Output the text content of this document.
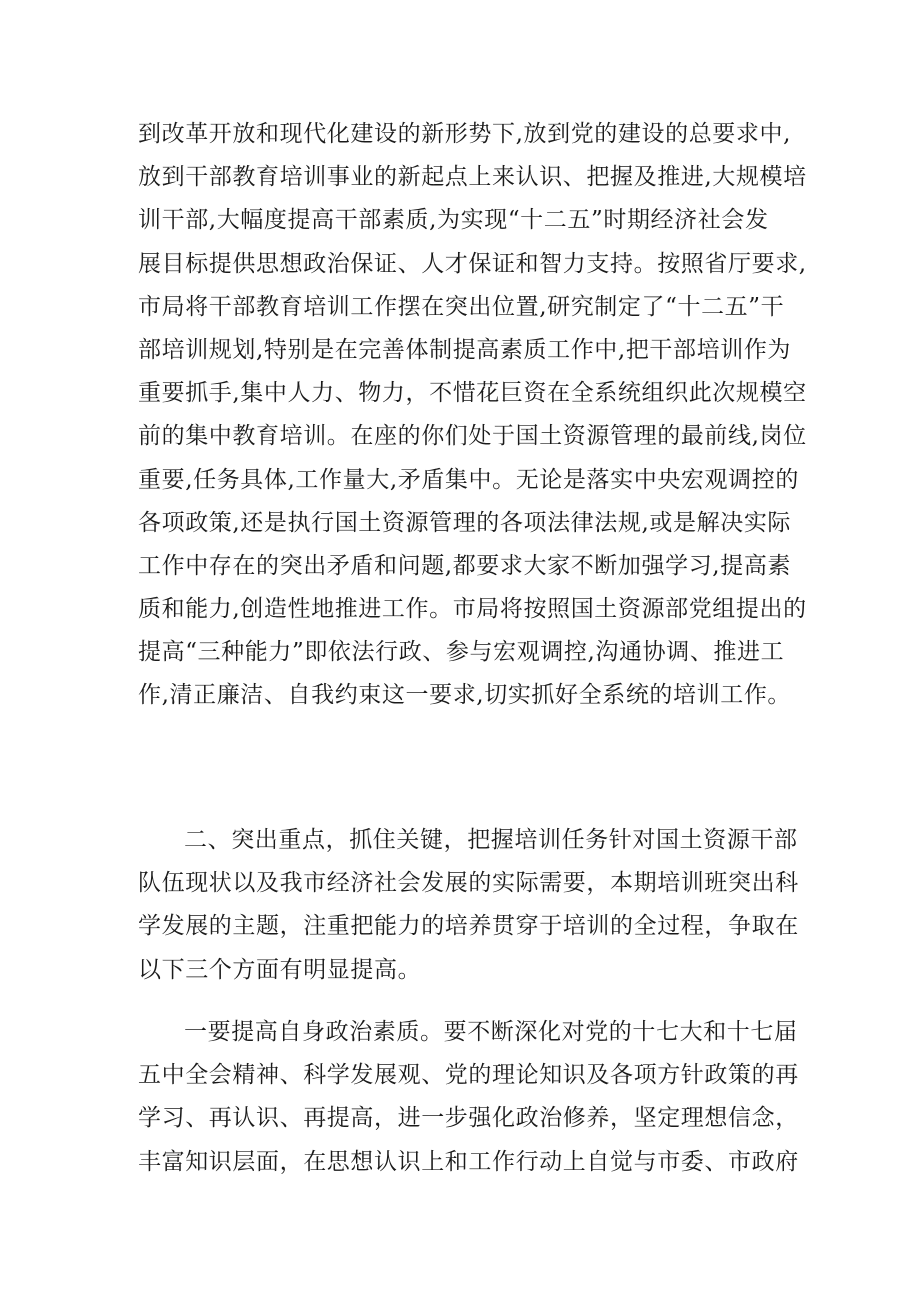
到改革开放和现代化建设的新形势下,放到党的建设的总要求中,
放到干部教育培训事业的新起点上来认识、把握及推进,大规模培
训干部,大幅度提高干部素质,为实现“十二五”时期经济社会发
展目标提供思想政治保证、人才保证和智力支持。按照省厅要求,
市局将干部教育培训工作摆在突出位置,研究制定了“十二五”干
部培训规划,特别是在完善体制提高素质工作中,把干部培训作为
重要抓手,集中人力、物力，不惜花巨资在全系统组织此次规模空
前的集中教育培训。在座的你们处于国土资源管理的最前线,岗位
重要,任务具体,工作量大,矛盾集中。无论是落实中央宏观调控的
各项政策,还是执行国土资源管理的各项法律法规,或是解决实际
工作中存在的突出矛盾和问题,都要求大家不断加强学习,提高素
质和能力,创造性地推进工作。市局将按照国土资源部党组提出的
提高“三种能力”即依法行政、参与宏观调控,沟通协调、推进工
作,清正廉洁、自我约束这一要求,切实抓好全系统的培训工作。
二、突出重点，抓住关键，把握培训任务针对国土资源干部
队伍现状以及我市经济社会发展的实际需要，本期培训班突出科
学发展的主题，注重把能力的培养贯穿于培训的全过程，争取在
以下三个方面有明显提高。
一要提高自身政治素质。要不断深化对党的十七大和十七届
五中全会精神、科学发展观、党的理论知识及各项方针政策的再
学习、再认识、再提高，进一步强化政治修养，坚定理想信念，
丰富知识层面，在思想认识上和工作行动上自觉与市委、市政府
